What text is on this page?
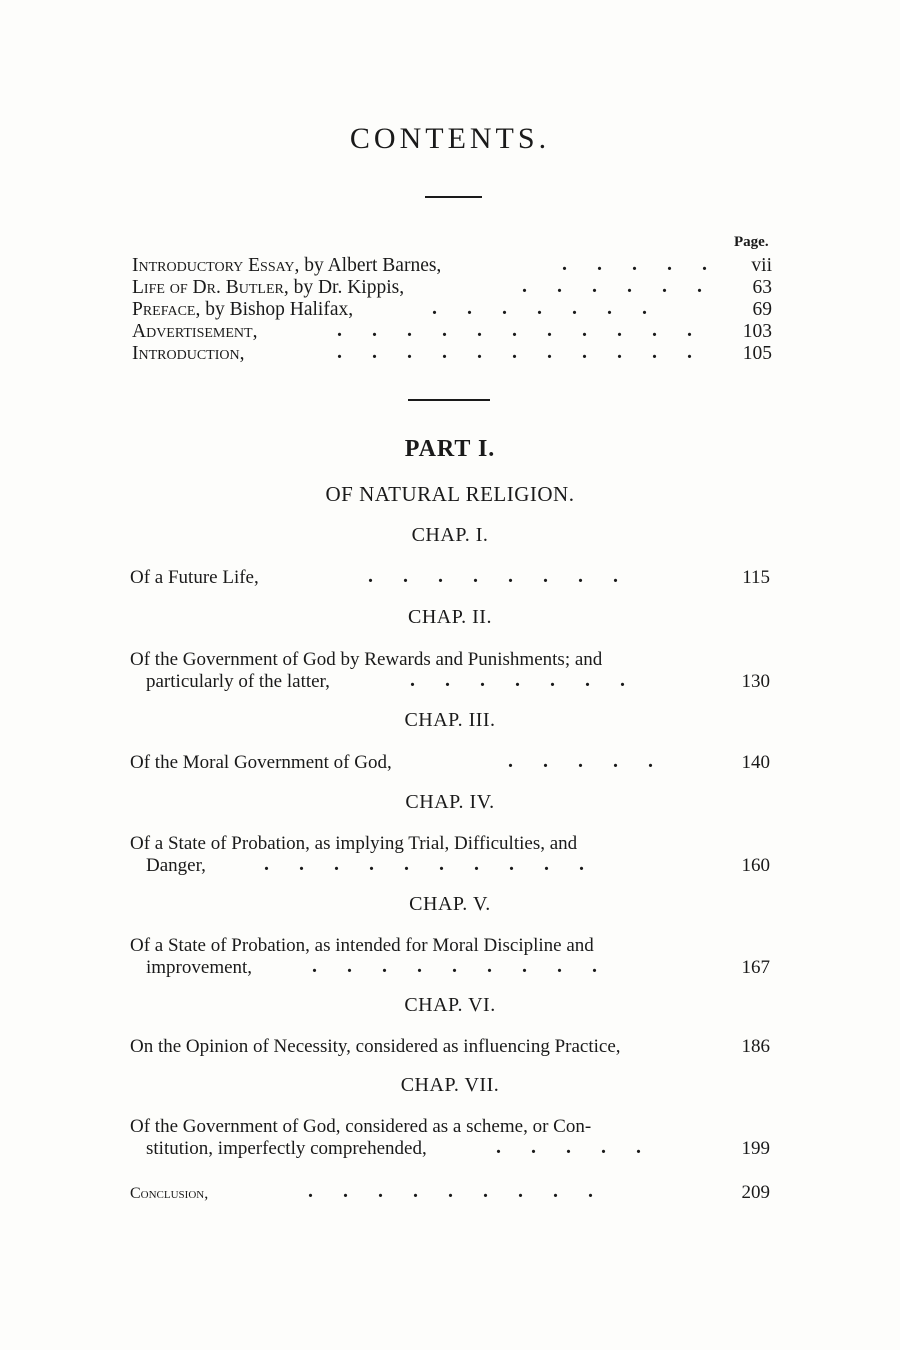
CONTENTS.
Page.
Introductory Essay, by Albert Barnes,	.      .      .      .      . vii
Life of Dr. Butler, by Dr. Kippis,	.      .      .      .      .      .	63
Preface, by Bishop Halifax,	.      .      .      .      .      .      .	69
Advertisement,	.      .      .      .      .      .      .      .      .      .      .	103
Introduction,	.      .      .      .      .      .      .      .      .      .      .	105
PART I.
OF NATURAL RELIGION.
CHAP. I.
Of a Future Life,	.      .      .      .      .      .      .      .	115
CHAP. II.
Of the Government of God by Rewards and Punishments; and
particularly of the latter,	.      .      .      .      .      .      .	130
CHAP. III.
Of the Moral Government of God,	.      .      .      .      .	140
CHAP. IV.
Of a State of Probation, as implying Trial, Difficulties, and
Danger,	.      .      .      .      .      .      .      .      .      .	160
CHAP. V.
Of a State of Probation, as intended for Moral Discipline and
improvement,	.      .      .      .      .      .      .      .      .	167
CHAP. VI.
On the Opinion of Necessity, considered as influencing Practice,	186
CHAP. VII.
Of the Government of God, considered as a scheme, or Con-
stitution, imperfectly comprehended,	.      .      .      .      .	199
Conclusion,	.      .      .      .      .      .      .      .      .	209
